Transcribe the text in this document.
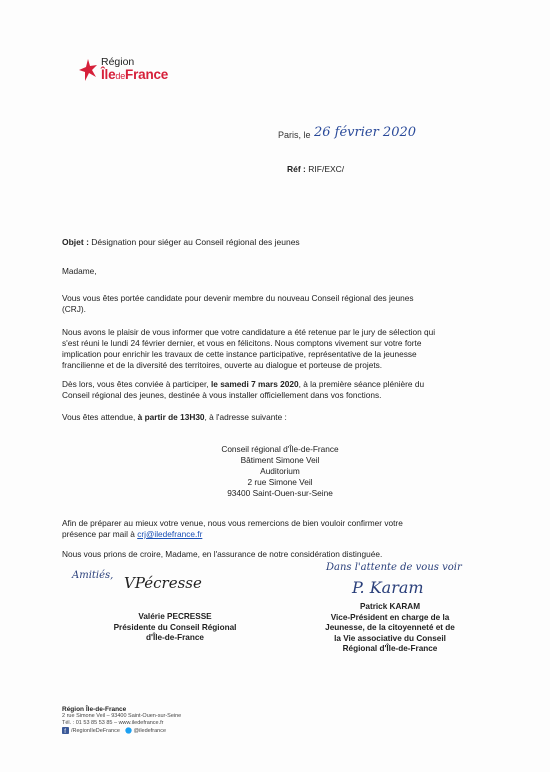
Région
ÎledeFrance
Paris, le 26 février 2020
Réf : RIF/EXC/
Objet : Désignation pour siéger au Conseil régional des jeunes
Madame,
Vous vous êtes portée candidate pour devenir membre du nouveau Conseil régional des jeunes
(CRJ).
Nous avons le plaisir de vous informer que votre candidature a été retenue par le jury de sélection qui
s'est réuni le lundi 24 février dernier, et vous en félicitons. Nous comptons vivement sur votre forte
implication pour enrichir les travaux de cette instance participative, représentative de la jeunesse
francilienne et de la diversité des territoires, ouverte au dialogue et porteuse de projets.
Dès lors, vous êtes conviée à participer, le samedi 7 mars 2020, à la première séance plénière du
Conseil régional des jeunes, destinée à vous installer officiellement dans vos fonctions.
Vous êtes attendue, à partir de 13H30, à l'adresse suivante :
Conseil régional d'Île-de-France
Bâtiment Simone Veil
Auditorium
2 rue Simone Veil
93400 Saint-Ouen-sur-Seine
Afin de préparer au mieux votre venue, nous vous remercions de bien vouloir confirmer votre
présence par mail à crj@iledefrance.fr
Nous vous prions de croire, Madame, en l'assurance de notre considération distinguée.
Amitiés, VPécresse
Dans l'attente de vous voir
P. Karam
Valérie PECRESSE
Présidente du Conseil Régional
d'Île-de-France
Patrick KARAM
Vice-Président en charge de la
Jeunesse, de la citoyenneté et de
la Vie associative du Conseil
Régional d'Île-de-France
Région Île-de-France
2 rue Simone Veil – 93400 Saint-Ouen-sur-Seine
Tél. : 01 53 85 53 85 – www.iledefrance.fr
f /RegionIleDeFrance @iledefrance
